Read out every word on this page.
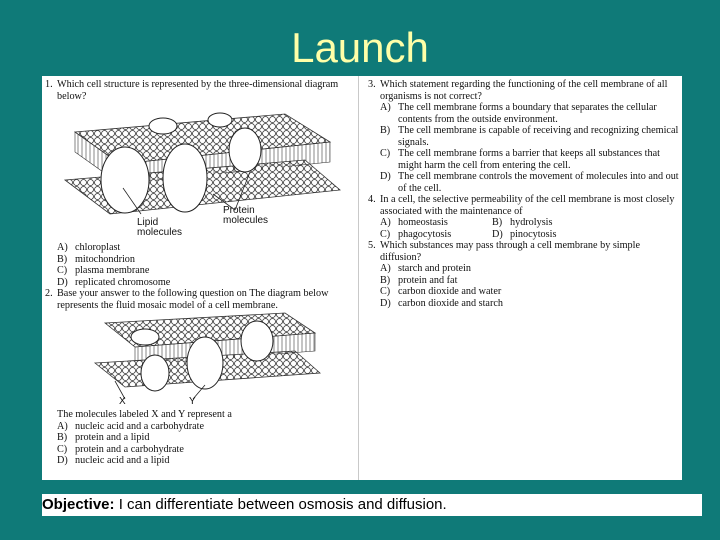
Launch
1. Which cell structure is represented by the three-dimensional diagram below?
Lipid molecules
Protein molecules
A) chloroplast
B) mitochondrion
C) plasma membrane
D) replicated chromosome
2. Base your answer to the following question on The diagram below represents the fluid mosaic model of a cell membrane.
X	Y
The molecules labeled X and Y represent a
A) nucleic acid and a carbohydrate
B) protein and a lipid
C) protein and a carbohydrate
D) nucleic acid and a lipid
3. Which statement regarding the functioning of the cell membrane of all organisms is not correct?
A) The cell membrane forms a boundary that separates the cellular contents from the outside environment.
B) The cell membrane is capable of receiving and recognizing chemical signals.
C) The cell membrane forms a barrier that keeps all substances that might harm the cell from entering the cell.
D) The cell membrane controls the movement of molecules into and out of the cell.
4. In a cell, the selective permeability of the cell membrane is most closely associated with the maintenance of
A) homeostasis	B) hydrolysis
C) phagocytosis	D) pinocytosis
5. Which substances may pass through a cell membrane by simple diffusion?
A) starch and protein
B) protein and fat
C) carbon dioxide and water
D) carbon dioxide and starch
Objective: I can differentiate between osmosis and diffusion.
